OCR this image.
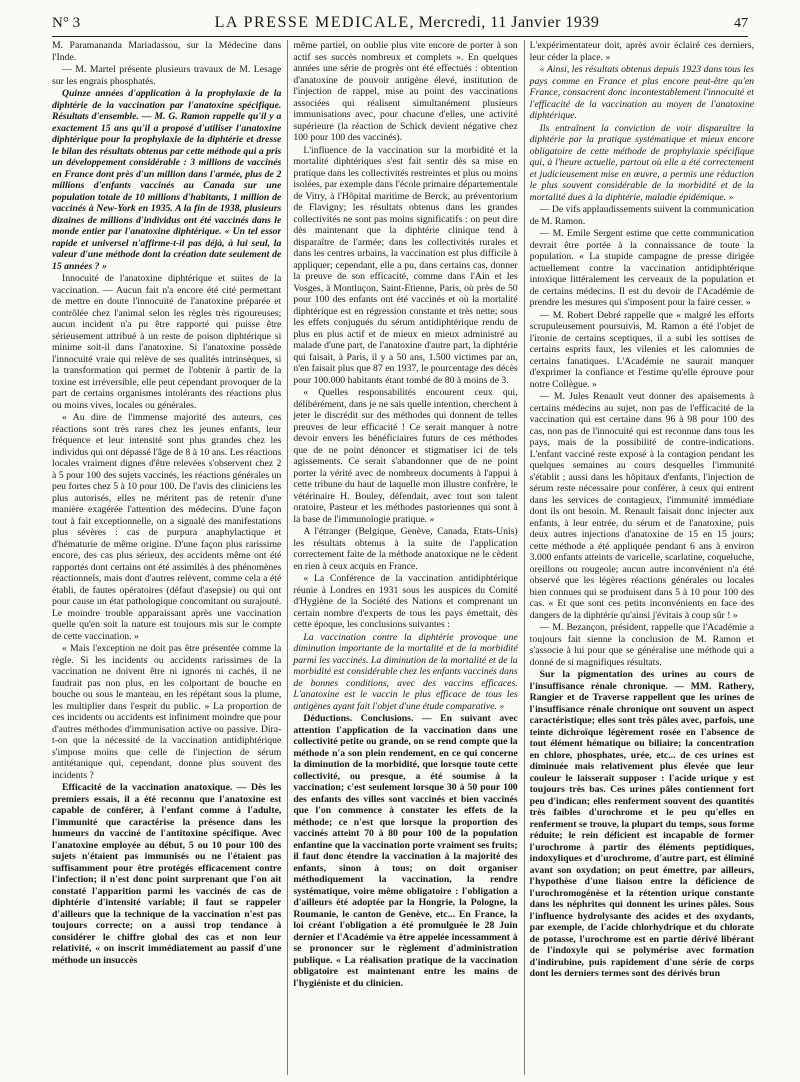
N° 3	LA PRESSE MEDICALE, Mercredi, 11 Janvier 1939	47

M. Paramananda Mariadassou, sur la Médecine dans l'Inde.

— M. Martel présente plusieurs travaux de M. Lesage sur les engrais phosphatés.

Quinze années d'application à la prophylaxie de la diphtérie de la vaccination par l'anatoxine spécifique. Résultats d'ensemble. — M. G. Ramon rappelle qu'il y a exactement 15 ans qu'il a proposé d'utiliser l'anatoxine diphtérique pour la prophylaxie de la diphtérie et dresse le bilan des résultats obtenus par cette méthode qui a pris un développement considérable : 3 millions de vaccinés en France dont près d'un million dans l'armée, plus de 2 millions d'enfants vaccinés au Canada sur une population totale de 10 millions d'habitants, 1 million de vaccinés à New-York en 1935. A la fin de 1938, plusieurs dizaines de millions d'individus ont été vaccinés dans le monde entier par l'anatoxine diphtérique. « Un tel essor rapide et universel n'affirme-t-il pas déjà, à lui seul, la valeur d'une méthode dont la création date seulement de 15 années ? »

Innocuité de l'anatoxine diphtérique et suites de la vaccination. — Aucun fait n'a encore été cité permettant de mettre en doute l'innocuité de l'anatoxine préparée et contrôlée chez l'animal selon les règles très rigoureuses; aucun incident n'a pu être rapporté qui puisse être sérieusement attribué à un reste de poison diphtérique si minime soit-il dans l'anatoxine. Si l'anatoxine possède l'innocuité vraie qui relève de ses qualités intrinsèques, si la transformation qui permet de l'obtenir à partir de la toxine est irréversible, elle peut cependant provoquer de la part de certains organismes intolérants des réactions plus ou moins vives, locales ou générales.

« Au dire de l'immense majorité des auteurs, ces réactions sont très rares chez les jeunes enfants, leur fréquence et leur intensité sont plus grandes chez les individus qui ont dépassé l'âge de 8 à 10 ans. Les réactions locales vraiment dignes d'être relevées s'observent chez 2 à 5 pour 100 des sujets vaccinés, les réactions générales un peu fortes chez 5 à 10 pour 100. De l'avis des cliniciens les plus autorisés, elles ne méritent pas de retenir d'une manière exagérée l'attention des médecins. D'une façon tout à fait exceptionnelle, on a signalé des manifestations plus sévères : cas de purpura anaphylactique et d'hématurie de même origine. D'une façon plus rarissime encore, des cas plus sérieux, des accidents même ont été rapportés dont certains ont été assimilés à des phénomènes réactionnels, mais dont d'autres relèvent, comme cela a été établi, de fautes opératoires (défaut d'asepsie) ou qui ont pour cause un état pathologique concomitant ou surajouté. Le moindre trouble apparaissant après une vaccination quelle qu'en soit la nature est toujours mis sur le compte de cette vaccination. »

« Mais l'exception ne doit pas être présentée comme la règle. Si les incidents ou accidents rarissimes de la vaccination ne doivent être ni ignorés ni cachés, il ne faudrait pas non plus, en les colportant de bouche en bouche ou sous le manteau, en les répétant sous la plume, les multiplier dans l'esprit du public. » La proportion de ces incidents ou accidents est infiniment moindre que pour d'autres méthodes d'immunisation active ou passive. Dira-t-on que la nécessité de la vaccination antidiphtérique s'impose moins que celle de l'injection de sérum antitétanique qui, cependant, donne plus souvent des incidents ?

Efficacité de la vaccination anatoxique. — Dès les premiers essais, il a été reconnu que l'anatoxine est capable de conférer, à l'enfant comme à l'adulte, l'immunité que caractérise la présence dans les humeurs du vacciné de l'antitoxine spécifique. Avec l'anatoxine employée au début, 5 ou 10 pour 100 des sujets n'étaient pas immunisés ou ne l'étaient pas suffisamment pour être protégés efficacement contre l'infection; il n'est donc point surprenant que l'on ait constaté l'apparition parmi les vaccinés de cas de diphtérie d'intensité variable; il faut se rappeler d'ailleurs que la technique de la vaccination n'est pas toujours correcte; on a aussi trop tendance à considérer le chiffre global des cas et non leur relativité, « on inscrit immédiatement au passif d'une méthode un insuccès

même partiel, on oublie plus vite encore de porter à son actif ses succès nombreux et complets ». En quelques années une série de progrès ont été effectués : obtention d'anatoxine de pouvoir antigène élevé, institution de l'injection de rappel, mise au point des vaccinations associées qui réalisent simultanément plusieurs immunisations avec, pour chacune d'elles, une activité supérieure (la réaction de Schick devient négative chez 100 pour 100 des vaccinés).

L'influence de la vaccination sur la morbidité et la mortalité diphtériques s'est fait sentir dès sa mise en pratique dans les collectivités restreintes et plus ou moins isolées, par exemple dans l'école primaire départementale de Vitry, à l'Hôpital maritime de Berck, au préventorium de Flavigny; les résultats obtenus dans les grandes collectivités ne sont pas moins significatifs : on peut dire dès maintenant que la diphtérie clinique tend à disparaître de l'armée; dans les collectivités rurales et dans les centres urbains, la vaccination est plus difficile à appliquer; cependant, elle a pu, dans certains cas, donner la preuve de son efficacité, comme dans l'Ain et les Vosges, à Montluçon, Saint-Etienne, Paris, où près de 50 pour 100 des enfants ont été vaccinés et où la mortalité diphtérique est en régression constante et très nette; sous les effets conjugués du sérum antidiphtérique rendu de plus en plus actif et de mieux en mieux administré au malade d'une part, de l'anatoxine d'autre part, la diphtérie qui faisait, à Paris, il y a 50 ans, 1.500 victimes par an, n'en faisait plus que 87 en 1937, le pourcentage des décès pour 100.000 habitants étant tombé de 80 à moins de 3.

« Quelles responsabilités encourent ceux qui, délibérément, dans je ne sais quelle intention, cherchent à jeter le discrédit sur des méthodes qui donnent de telles preuves de leur efficacité ! Ce serait manquer à notre devoir envers les bénéficiaires futurs de ces méthodes que de ne point dénoncer et stigmatiser ici de tels agissements. Ce serait s'abandonner que de ne point porter la vérité avec de nombreux documents à l'appui à cette tribune du haut de laquelle mon illustre confrère, le vétérinaire H. Bouley, défendait, avec tout son talent oratoire, Pasteur et les méthodes pastoriennes qui sont à la base de l'immunologie pratique. »

A l'étranger (Belgique, Genève, Canada, Etats-Unis) les résultats obtenus à la suite de l'application correctement faite de la méthode anatoxique ne le cèdent en rien à ceux acquis en France.

« La Conférence de la vaccination antidiphtérique réunie à Londres en 1931 sous les auspices du Comité d'Hygiène de la Société des Nations et comprenant un certain nombre d'experts de tous les pays émettait, dès cette époque, les conclusions suivantes :

La vaccination contre la diphtérie provoque une diminution importante de la mortalité et de la morbidité parmi les vaccinés. La diminution de la mortalité et de la morbidité est considérable chez les enfants vaccinés dans de bonnes conditions, avec des vaccins efficaces. L'anatoxine est le vaccin le plus efficace de tous les antigènes ayant fait l'objet d'une étude comparative. »

Déductions. Conclusions. — En suivant avec attention l'application de la vaccination dans une collectivité petite ou grande, on se rend compte que la méthode n'a son plein rendement, en ce qui concerne la diminution de la morbidité, que lorsque toute cette collectivité, ou presque, a été soumise à la vaccination; c'est seulement lorsque 30 à 50 pour 100 des enfants des villes sont vaccinés et bien vaccinés que l'on commence à constater les effets de la méthode; ce n'est que lorsque la proportion des vaccinés atteint 70 à 80 pour 100 de la population enfantine que la vaccination porte vraiment ses fruits; il faut donc étendre la vaccination à la majorité des enfants, sinon à tous; on doit organiser méthodiquement la vaccination, la rendre systématique, voire même obligatoire : l'obligation a d'ailleurs été adoptée par la Hongrie, la Pologne, la Roumanie, le canton de Genève, etc... En France, la loi créant l'obligation a été promulguée le 28 Juin dernier et l'Académie va être appelée incessamment à se prononcer sur le règlement d'administration publique. « La réalisation pratique de la vaccination obligatoire est maintenant entre les mains de l'hygiéniste et du clinicien.

L'expérimentateur doit, après avoir éclairé ces derniers, leur céder la place. »

« Ainsi, les résultats obtenus depuis 1923 dans tous les pays comme en France et plus encore peut-être qu'en France, consacrent donc incontestablement l'innocuité et l'efficacité de la vaccination au moyen de l'anatoxine diphtérique.

Ils entraînent la conviction de voir disparaître la diphtérie par la pratique systématique et mieux encore obligatoire de cette méthode de prophylaxie spécifique qui, à l'heure actuelle, partout où elle a été correctement et judicieusement mise en œuvre, a permis une réduction le plus souvent considérable de la morbidité et de la mortalité dues à la diphtérie, maladie épidémique. »

— De vifs applaudissements suivent la communication de M. Ramon.

— M. Emile Sergent estime que cette communication devrait être portée à la connaissance de toute la population. « La stupide campagne de presse dirigée actuellement contre la vaccination antidiphtérique intoxique littéralement les cerveaux de la population et de certains médecins. Il est du devoir de l'Académie de prendre les mesures qui s'imposent pour la faire cesser. »

— M. Robert Debré rappelle que « malgré les efforts scrupuleusement poursuivis, M. Ramon a été l'objet de l'ironie de certains sceptiques, il a subi les sottises de certains esprits faux, les vilenies et les calomnies de certains fanatiques. L'Académie ne saurait manquer d'exprimer la confiance et l'estime qu'elle éprouve pour notre Collègue. »

— M. Jules Renault veut donner des apaisements à certains médecins au sujet, non pas de l'efficacité de la vaccination qui est certaine dans 96 à 98 pour 100 des cas, non pas de l'innocuité qui est reconnue dans tous les pays, mais de la possibilité de contre-indications. L'enfant vacciné reste exposé à la contagion pendant les quelques semaines au cours desquelles l'immunité s'établit ; aussi dans les hôpitaux d'enfants, l'injection de sérum reste nécessaire pour conférer, à ceux qui entrent dans les services de contagieux, l'immunité immédiate dont ils ont besoin. M. Renault faisait donc injecter aux enfants, à leur entrée, du sérum et de l'anatoxine, puis deux autres injections d'anatoxine de 15 en 15 jours; cette méthode a été appliquée pendant 6 ans à environ 3.000 enfants atteints de varicelle, scarlatine, coqueluche, oreillons ou rougeole; aucun autre inconvénient n'a été observé que les légères réactions générales ou locales bien connues qui se produisent dans 5 à 10 pour 100 des cas. « Et que sont ces petits inconvénients en face des dangers de la diphtérie qu'ainsi j'évitais à coup sûr ! »

— M. Bezançon, président, rappelle que l'Académie a toujours fait sienne la conclusion de M. Ramon et s'associe à lui pour que se généralise une méthode qui a donné de si magnifiques résultats.

Sur la pigmentation des urines au cours de l'insuffisance rénale chronique. — MM. Rathery, Rangier et de Traverse rappellent que les urines de l'insuffisance rénale chronique ont souvent un aspect caractéristique; elles sont très pâles avec, parfois, une teinte dichroïque légèrement rosée en l'absence de tout élément hématique ou biliaire; la concentration en chlore, phosphates, urée, etc... de ces urines est diminuée mais relativement plus élevée que leur couleur le laisserait supposer : l'acide urique y est toujours très bas. Ces urines pâles contiennent fort peu d'indican; elles renferment souvent des quantités très faibles d'urochrome et le peu qu'elles en renferment se trouve, la plupart du temps, sous forme réduite; le rein déficient est incapable de former l'urochrome à partir des éléments peptidiques, indoxyliques et d'urochrome, d'autre part, est éliminé avant son oxydation; on peut émettre, par ailleurs, l'hypothèse d'une liaison entre la déficience de l'urochromogénèse et la rétention urique constante dans les néphrites qui donnent les urines pâles. Sous l'influence hydrolysante des acides et des oxydants, par exemple, de l'acide chlorhydrique et du chlorate de potasse, l'urochrome est en partie dérivé libérant de l'indoxyle qui se polymérise avec formation d'indirubine, puis rapidement d'une série de corps dont les derniers termes sont des dérivés brun
